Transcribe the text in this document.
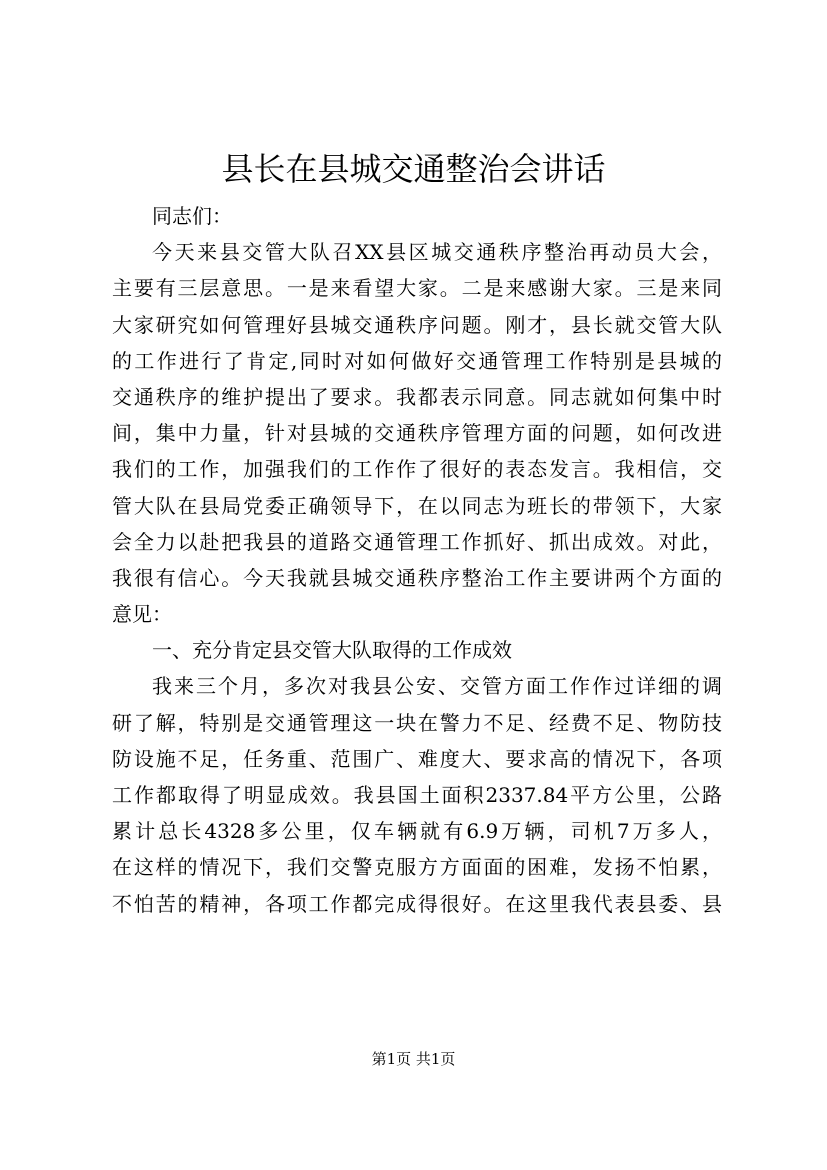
县长在县城交通整治会讲话
同志们：
今天来县交管大队召XX县区城交通秩序整治再动员大会，
主要有三层意思。一是来看望大家。二是来感谢大家。三是来同
大家研究如何管理好县城交通秩序问题。刚才，县长就交管大队
的工作进行了肯定,同时对如何做好交通管理工作特别是县城的
交通秩序的维护提出了要求。我都表示同意。同志就如何集中时
间，集中力量，针对县城的交通秩序管理方面的问题，如何改进
我们的工作，加强我们的工作作了很好的表态发言。我相信，交
管大队在县局党委正确领导下，在以同志为班长的带领下，大家
会全力以赴把我县的道路交通管理工作抓好、抓出成效。对此，
我很有信心。今天我就县城交通秩序整治工作主要讲两个方面的
意见：
一、充分肯定县交管大队取得的工作成效
我来三个月，多次对我县公安、交管方面工作作过详细的调
研了解，特别是交通管理这一块在警力不足、经费不足、物防技
防设施不足，任务重、范围广、难度大、要求高的情况下，各项
工作都取得了明显成效。我县国土面积2337.84平方公里，公路
累计总长4328多公里，仅车辆就有6.9万辆，司机7万多人，
在这样的情况下，我们交警克服方方面面的困难，发扬不怕累，
不怕苦的精神，各项工作都完成得很好。在这里我代表县委、县
第1页 共1页
